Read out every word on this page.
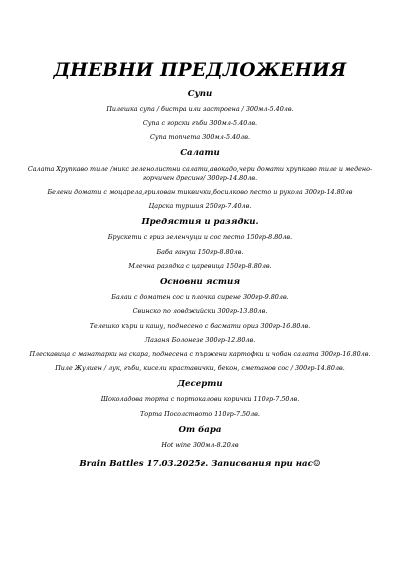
ДНЕВНИ ПРЕДЛОЖЕНИЯ
Супи
Пилешка супа / бистра или застроена / 300мл-5.40лв.
Супа с горски гъби 300мл-5.40лв.
Супа топчета 300мл-5.40лв.
Салати
Салата Хрупкаво тиле /микс зеленолистни салати,авокадо,чери домати хрупкаво тиле и медено-горчичен дресинг/ 300гр-14.80лв.
Белени домати с моцарела,грилован тиквички,босилково песто и рукола 300гр-14.80лв
Царска туршия 250гр-7.40лв.
Предястия и разядки.
Брускети с гриз зеленчуци и сос песто 150гр-8.80лв.
Баба гануш 150гр-8.80лв.
Млечна разядка с царевица 150гр-8.80лв.
Основни ястия
Балаи с доматен сос и плочка сирене 300гр-9.80лв.
Свинско по ловджийски 300гр-13.80лв.
Телешко къри и кашу, поднесено с басмати ориз 300гр-16.80лв.
Лазаня Болонезе 300гр-12.80лв.
Плескавица с манатарки на скара, поднесена с пържени картофки и чобан салата 300гр-16.80лв.
Пиле Жулиен / лук, гъби, кисели краставички, бекон, сметанов сос / 300гр-14.80лв.
Десерти
Шоколадова торта с портокалови корички 110гр-7.50лв.
Торта Посолството 110гр-7.50лв.
От бара
Hot wine 300мл-8.20лв
Brain Battles 17.03.2025г. Записвания при нас☺
